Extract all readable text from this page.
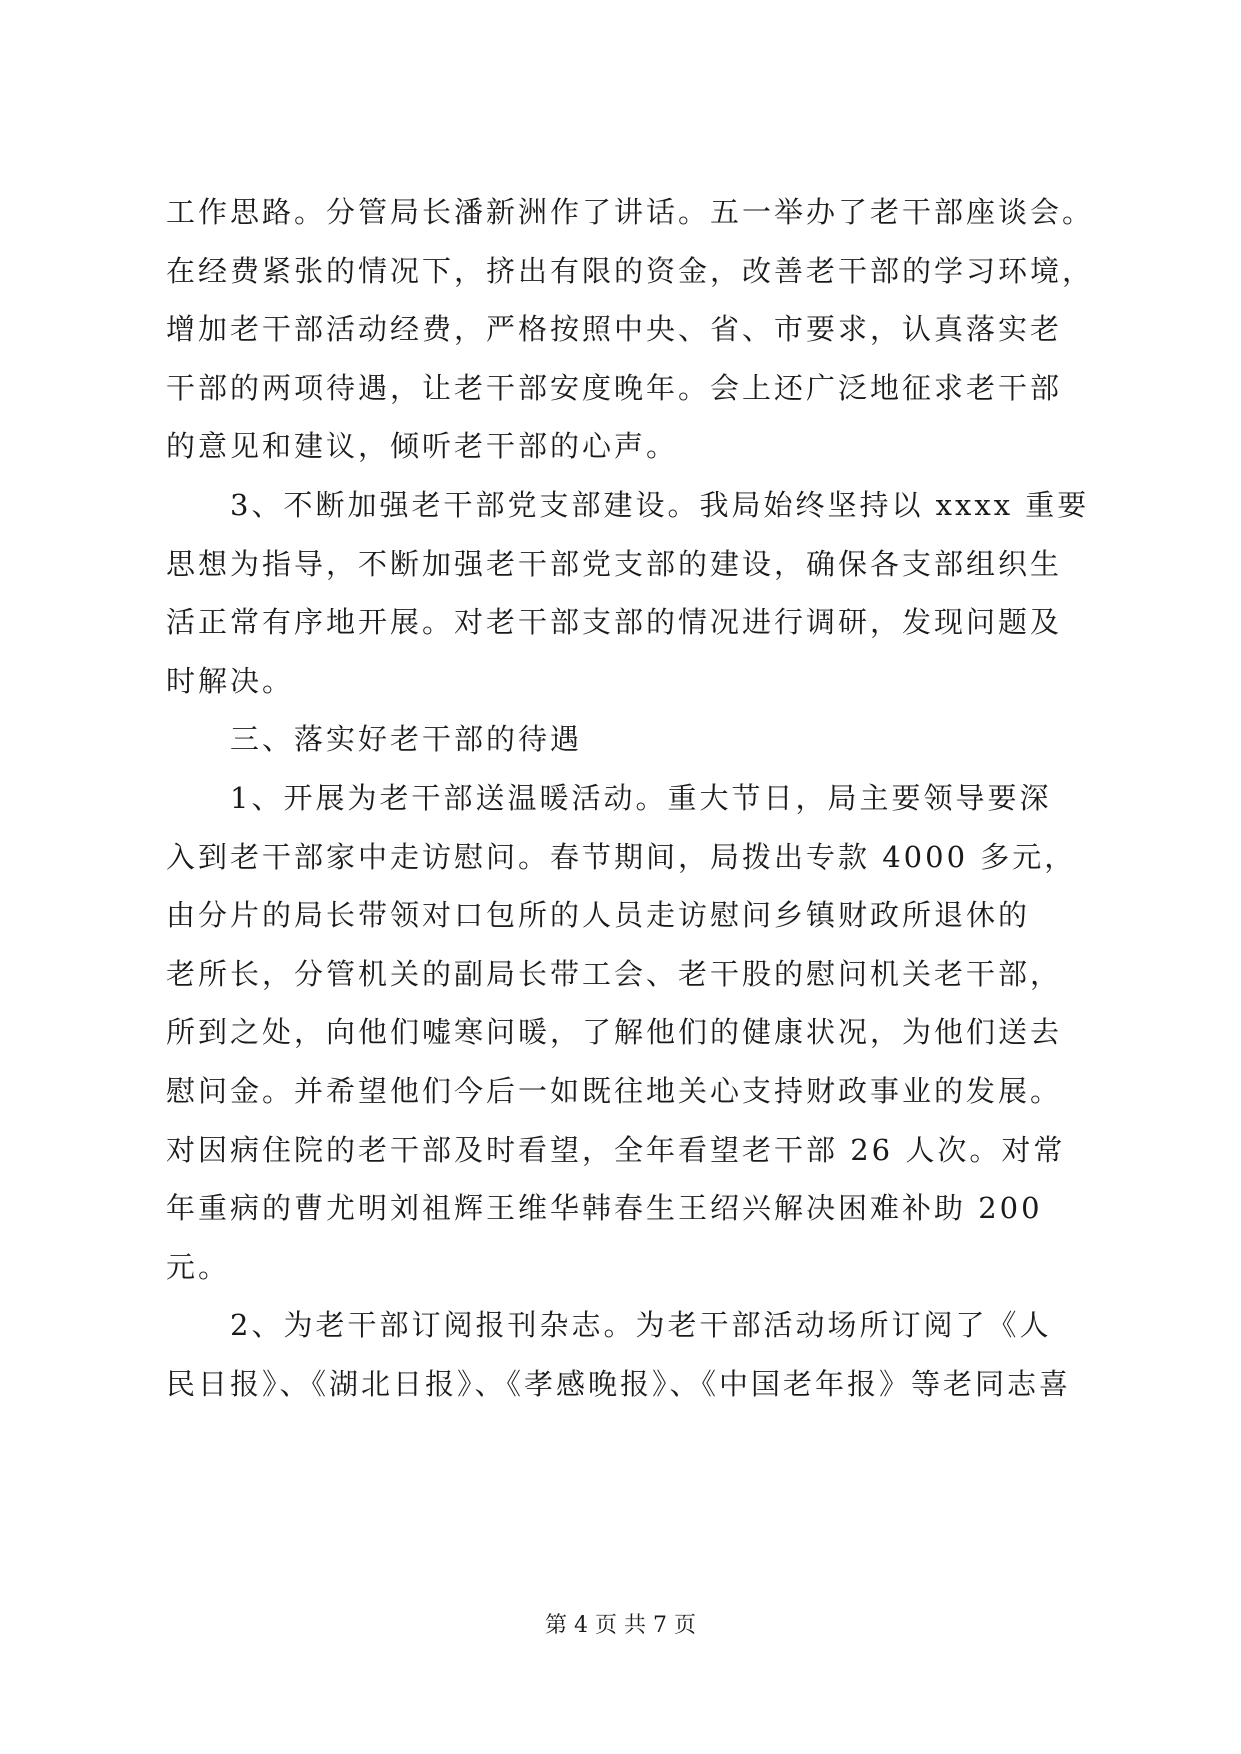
工作思路。分管局长潘新洲作了讲话。五一举办了老干部座谈会。
在经费紧张的情况下，挤出有限的资金，改善老干部的学习环境，
增加老干部活动经费，严格按照中央、省、市要求，认真落实老
干部的两项待遇，让老干部安度晚年。会上还广泛地征求老干部
的意见和建议，倾听老干部的心声。
3、不断加强老干部党支部建设。我局始终坚持以 xxxx 重要
思想为指导，不断加强老干部党支部的建设，确保各支部组织生
活正常有序地开展。对老干部支部的情况进行调研，发现问题及
时解决。
三、落实好老干部的待遇
1、开展为老干部送温暖活动。重大节日，局主要领导要深
入到老干部家中走访慰问。春节期间，局拨出专款 4000 多元，
由分片的局长带领对口包所的人员走访慰问乡镇财政所退休的
老所长，分管机关的副局长带工会、老干股的慰问机关老干部，
所到之处，向他们嘘寒问暖，了解他们的健康状况，为他们送去
慰问金。并希望他们今后一如既往地关心支持财政事业的发展。
对因病住院的老干部及时看望，全年看望老干部 26 人次。对常
年重病的曹尤明刘祖辉王维华韩春生王绍兴解决困难补助 200
元。
2、为老干部订阅报刊杂志。为老干部活动场所订阅了《人
民日报》、《湖北日报》、《孝感晚报》、《中国老年报》等老同志喜
第 4 页 共 7 页
